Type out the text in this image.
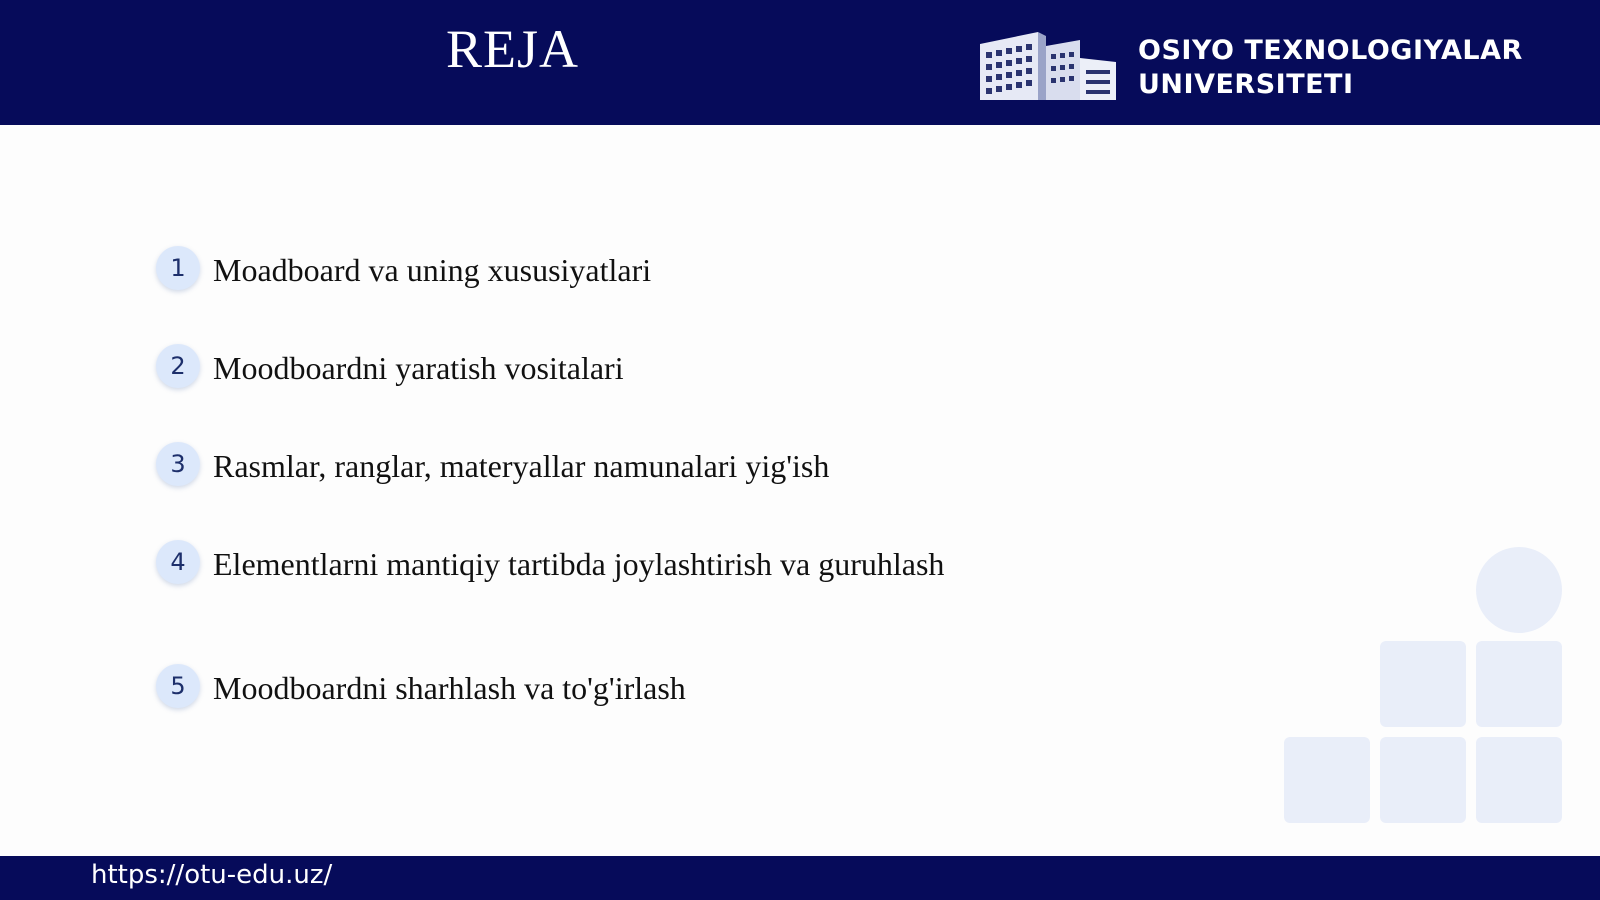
REJA	OSIYO TEXNOLOGIYALAR
UNIVERSITETI
1 Moadboard va uning xususiyatlari
2 Moodboardni yaratish vositalari
3 Rasmlar, ranglar, materyallar namunalari yig'ish
4 Elementlarni mantiqiy tartibda joylashtirish va guruhlash
5 Moodboardni sharhlash va to'g'irlash
https://otu-edu.uz/
